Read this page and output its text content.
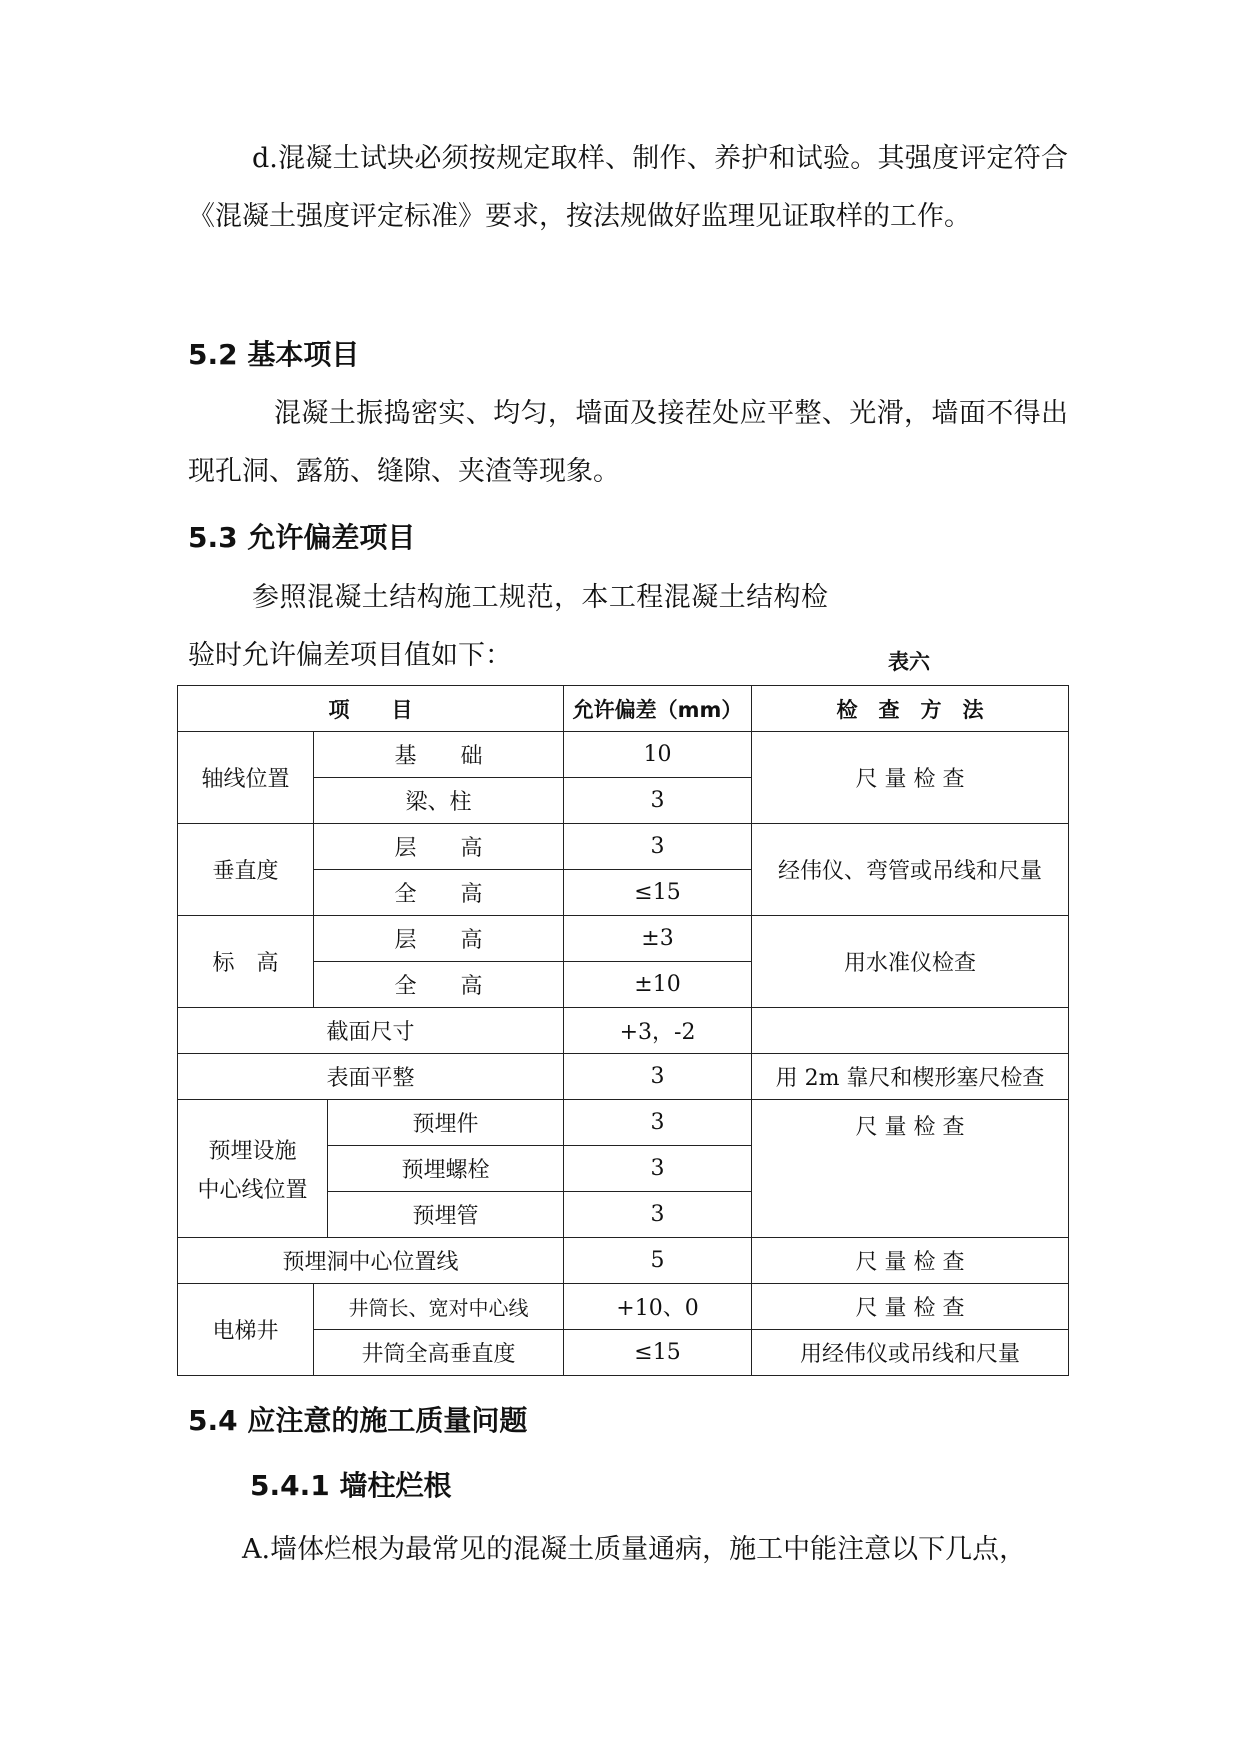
d.混凝土试块必须按规定取样、制作、养护和试验。其强度评定符合《混凝土强度评定标准》要求，按法规做好监理见证取样的工作。

5.2 基本项目

混凝土振捣密实、均匀，墙面及接茬处应平整、光滑，墙面不得出现孔洞、露筋、缝隙、夹渣等现象。

5.3 允许偏差项目

参照混凝土结构施工规范，本工程混凝土结构检验时允许偏差项目值如下：	表六
项　　目			允许偏差（mm）	检　查　方　法
轴线位置	基　　础		10	尺 量 检 查
	梁、柱		3	
垂直度	层　　高		3	经伟仪、弯管或吊线和尺量
	全　　高		≤15	
标　高	层　　高		±3	用水准仪检查
	全　　高		±10	
截面尺寸			+3，-2	
表面平整			3	用 2m 靠尺和楔形塞尺检查

预埋设施
中心线位置		预埋件	3	尺 量 检 查
		预埋螺栓	3	
		预埋管	3	
预埋洞中心位置线			5	尺 量 检 查
电梯井	井筒长、宽对中心线		+10、0	尺 量 检 查
	井筒全高垂直度		≤15	用经伟仪或吊线和尺量
5.4 应注意的施工质量问题
5.4.1 墙柱烂根

A.墙体烂根为最常见的混凝土质量通病，施工中能注意以下几点，
